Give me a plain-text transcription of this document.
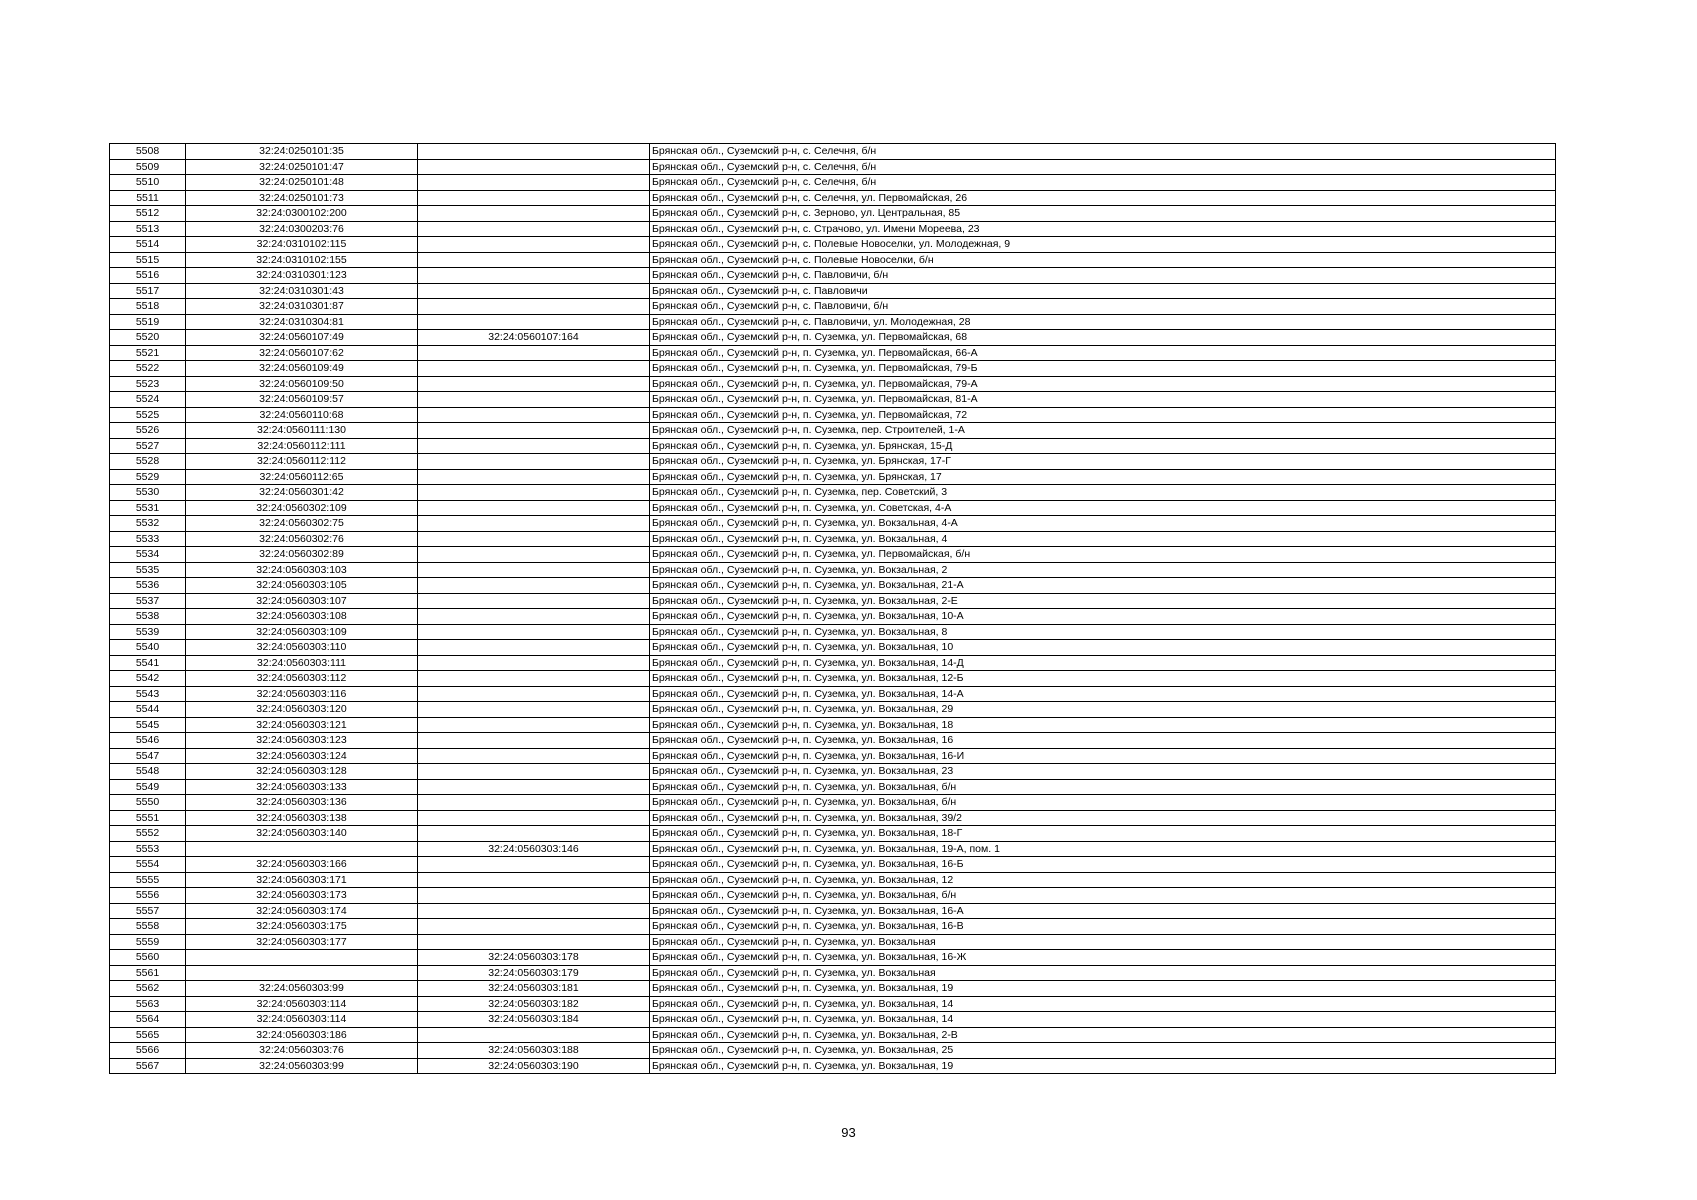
5508	32:24:0250101:35		Брянская обл., Суземский р-н, с. Селечня, б/н
5509	32:24:0250101:47		Брянская обл., Суземский р-н, с. Селечня, б/н
5510	32:24:0250101:48		Брянская обл., Суземский р-н, с. Селечня, б/н
5511	32:24:0250101:73		Брянская обл., Суземский р-н, с. Селечня, ул. Первомайская, 26
5512	32:24:0300102:200		Брянская обл., Суземский р-н, с. Зерново, ул. Центральная, 85
5513	32:24:0300203:76		Брянская обл., Суземский р-н, с. Страчово, ул. Имени Мореева, 23
5514	32:24:0310102:115		Брянская обл., Суземский р-н, с. Полевые Новоселки, ул. Молодежная, 9
5515	32:24:0310102:155		Брянская обл., Суземский р-н, с. Полевые Новоселки, б/н
5516	32:24:0310301:123		Брянская обл., Суземский р-н, с. Павловичи, б/н
5517	32:24:0310301:43		Брянская обл., Суземский р-н, с. Павловичи
5518	32:24:0310301:87		Брянская обл., Суземский р-н, с. Павловичи, б/н
5519	32:24:0310304:81		Брянская обл., Суземский р-н, с. Павловичи, ул. Молодежная, 28
5520	32:24:0560107:49	32:24:0560107:164	Брянская обл., Суземский р-н, п. Суземка, ул. Первомайская, 68
5521	32:24:0560107:62		Брянская обл., Суземский р-н, п. Суземка, ул. Первомайская, 66-А
5522	32:24:0560109:49		Брянская обл., Суземский р-н, п. Суземка, ул. Первомайская, 79-Б
5523	32:24:0560109:50		Брянская обл., Суземский р-н, п. Суземка, ул. Первомайская, 79-А
5524	32:24:0560109:57		Брянская обл., Суземский р-н, п. Суземка, ул. Первомайская, 81-А
5525	32:24:0560110:68		Брянская обл., Суземский р-н, п. Суземка, ул. Первомайская, 72
5526	32:24:0560111:130		Брянская обл., Суземский р-н, п. Суземка, пер. Строителей, 1-А
5527	32:24:0560112:111		Брянская обл., Суземский р-н, п. Суземка, ул. Брянская, 15-Д
5528	32:24:0560112:112		Брянская обл., Суземский р-н, п. Суземка, ул. Брянская, 17-Г
5529	32:24:0560112:65		Брянская обл., Суземский р-н, п. Суземка, ул. Брянская, 17
5530	32:24:0560301:42		Брянская обл., Суземский р-н, п. Суземка, пер. Советский, 3
5531	32:24:0560302:109		Брянская обл., Суземский р-н, п. Суземка, ул. Советская, 4-А
5532	32:24:0560302:75		Брянская обл., Суземский р-н, п. Суземка, ул. Вокзальная, 4-А
5533	32:24:0560302:76		Брянская обл., Суземский р-н, п. Суземка, ул. Вокзальная, 4
5534	32:24:0560302:89		Брянская обл., Суземский р-н, п. Суземка, ул. Первомайская, б/н
5535	32:24:0560303:103		Брянская обл., Суземский р-н, п. Суземка, ул. Вокзальная, 2
5536	32:24:0560303:105		Брянская обл., Суземский р-н, п. Суземка, ул. Вокзальная, 21-А
5537	32:24:0560303:107		Брянская обл., Суземский р-н, п. Суземка, ул. Вокзальная, 2-Е
5538	32:24:0560303:108		Брянская обл., Суземский р-н, п. Суземка, ул. Вокзальная, 10-А
5539	32:24:0560303:109		Брянская обл., Суземский р-н, п. Суземка, ул. Вокзальная, 8
5540	32:24:0560303:110		Брянская обл., Суземский р-н, п. Суземка, ул. Вокзальная, 10
5541	32:24:0560303:111		Брянская обл., Суземский р-н, п. Суземка, ул. Вокзальная, 14-Д
5542	32:24:0560303:112		Брянская обл., Суземский р-н, п. Суземка, ул. Вокзальная, 12-Б
5543	32:24:0560303:116		Брянская обл., Суземский р-н, п. Суземка, ул. Вокзальная, 14-А
5544	32:24:0560303:120		Брянская обл., Суземский р-н, п. Суземка, ул. Вокзальная, 29
5545	32:24:0560303:121		Брянская обл., Суземский р-н, п. Суземка, ул. Вокзальная, 18
5546	32:24:0560303:123		Брянская обл., Суземский р-н, п. Суземка, ул. Вокзальная, 16
5547	32:24:0560303:124		Брянская обл., Суземский р-н, п. Суземка, ул. Вокзальная, 16-И
5548	32:24:0560303:128		Брянская обл., Суземский р-н, п. Суземка, ул. Вокзальная, 23
5549	32:24:0560303:133		Брянская обл., Суземский р-н, п. Суземка, ул. Вокзальная, б/н
5550	32:24:0560303:136		Брянская обл., Суземский р-н, п. Суземка, ул. Вокзальная, б/н
5551	32:24:0560303:138		Брянская обл., Суземский р-н, п. Суземка, ул. Вокзальная, 39/2
5552	32:24:0560303:140		Брянская обл., Суземский р-н, п. Суземка, ул. Вокзальная, 18-Г
5553		32:24:0560303:146	Брянская обл., Суземский р-н, п. Суземка, ул. Вокзальная, 19-А, пом. 1
5554	32:24:0560303:166		Брянская обл., Суземский р-н, п. Суземка, ул. Вокзальная, 16-Б
5555	32:24:0560303:171		Брянская обл., Суземский р-н, п. Суземка, ул. Вокзальная, 12
5556	32:24:0560303:173		Брянская обл., Суземский р-н, п. Суземка, ул. Вокзальная, б/н
5557	32:24:0560303:174		Брянская обл., Суземский р-н, п. Суземка, ул. Вокзальная, 16-А
5558	32:24:0560303:175		Брянская обл., Суземский р-н, п. Суземка, ул. Вокзальная, 16-В
5559	32:24:0560303:177		Брянская обл., Суземский р-н, п. Суземка, ул. Вокзальная
5560		32:24:0560303:178	Брянская обл., Суземский р-н, п. Суземка, ул. Вокзальная, 16-Ж
5561		32:24:0560303:179	Брянская обл., Суземский р-н, п. Суземка, ул. Вокзальная
5562	32:24:0560303:99	32:24:0560303:181	Брянская обл., Суземский р-н, п. Суземка, ул. Вокзальная, 19
5563	32:24:0560303:114	32:24:0560303:182	Брянская обл., Суземский р-н, п. Суземка, ул. Вокзальная, 14
5564	32:24:0560303:114	32:24:0560303:184	Брянская обл., Суземский р-н, п. Суземка, ул. Вокзальная, 14
5565	32:24:0560303:186		Брянская обл., Суземский р-н, п. Суземка, ул. Вокзальная, 2-В
5566	32:24:0560303:76	32:24:0560303:188	Брянская обл., Суземский р-н, п. Суземка, ул. Вокзальная, 25
5567	32:24:0560303:99	32:24:0560303:190	Брянская обл., Суземский р-н, п. Суземка, ул. Вокзальная, 19
93
